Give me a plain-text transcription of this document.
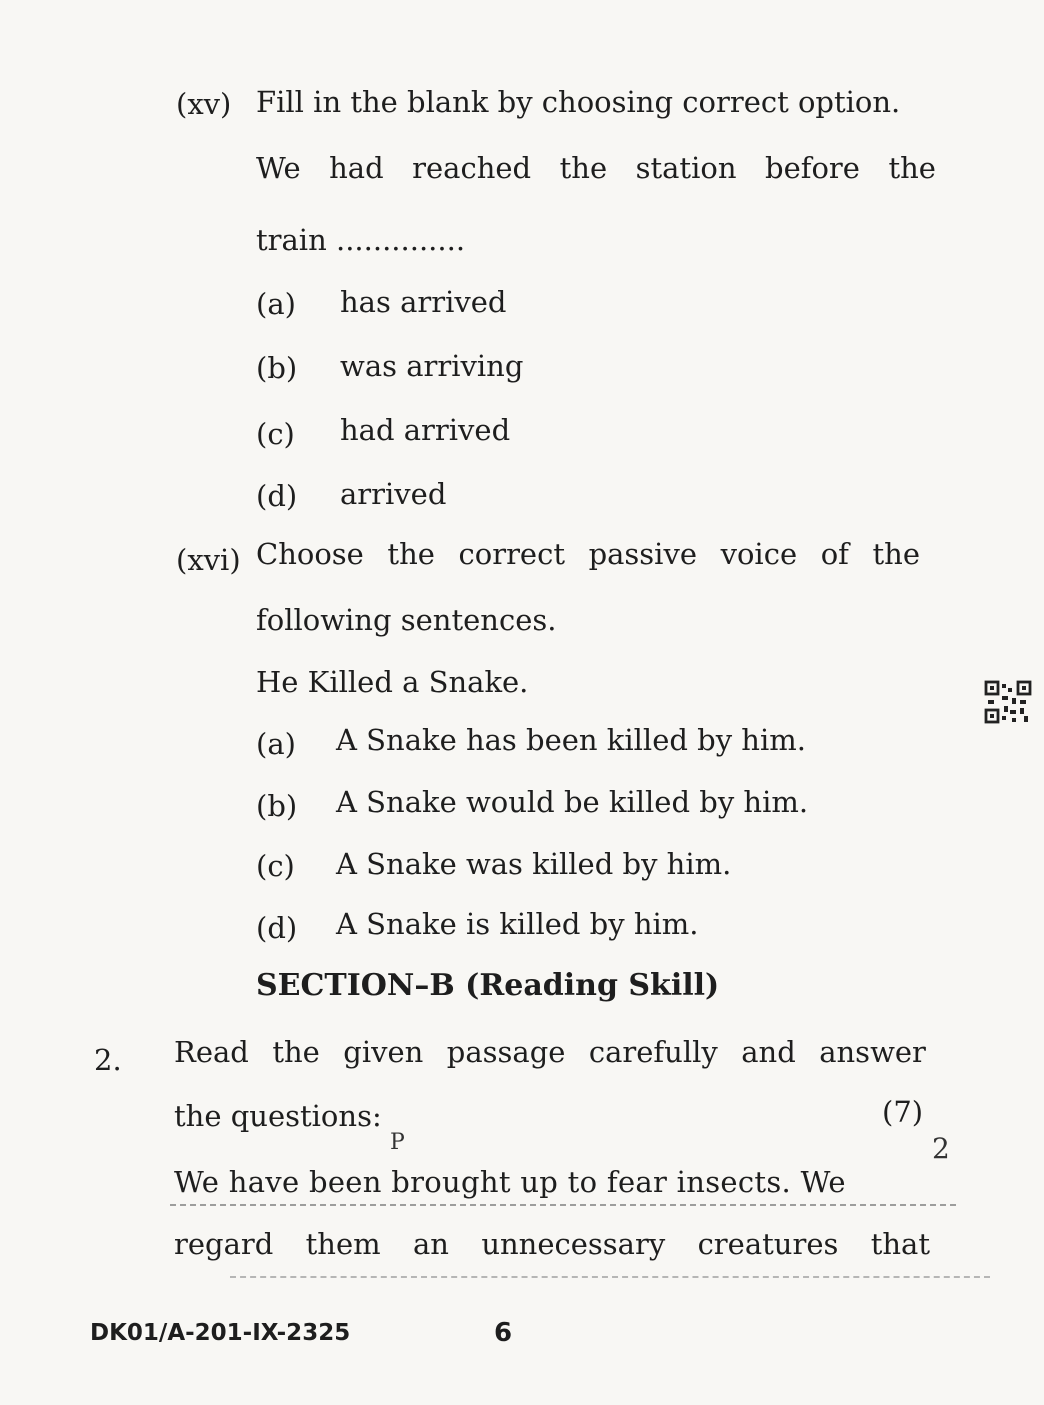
(xv) Fill in the blank by choosing correct option.
We had reached the station before the
train ..............
(a) has arrived
(b) was arriving
(c) had arrived
(d) arrived
(xvi) Choose the correct passive voice of the
following sentences.
He Killed a Snake.
(a) A Snake has been killed by him.
(b) A Snake would be killed by him.
(c) A Snake was killed by him.
(d) A Snake is killed by him.
SECTION–B (Reading Skill)
2. Read the given passage carefully and answer
the questions:	(7)
P	2
We have been brought up to fear insects. We
regard them an unnecessary creatures that
DK01/A-201-IX-2325	6
